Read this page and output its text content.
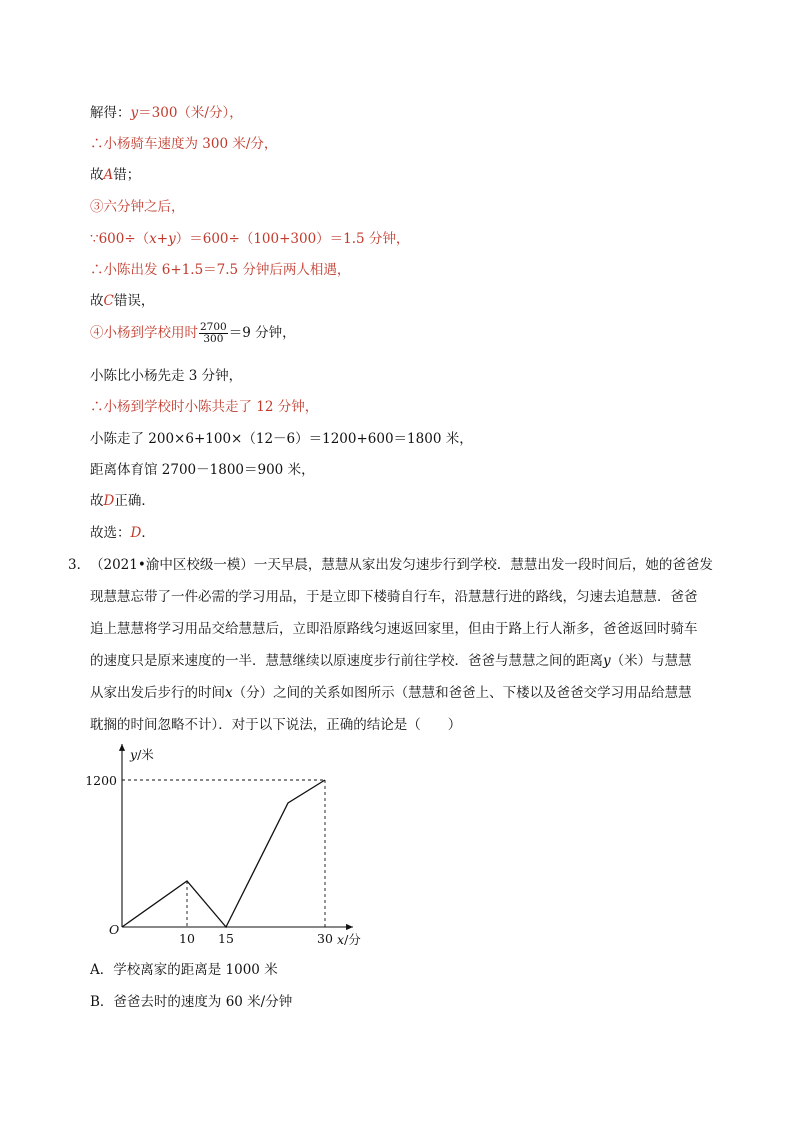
解得：y＝300（米/分），
∴小杨骑车速度为 300 米/分，
故A错；
③六分钟之后，
∵600÷（x+y）＝600÷（100+300）＝1.5 分钟，
∴小陈出发 6+1.5＝7.5 分钟后两人相遇，
故C错误，
④小杨到学校用时 $\frac{2700}{300} =9$ 分钟，
小陈比小杨先走 3 分钟，
∴小杨到学校时小陈共走了 12 分钟，
小陈走了 200×6+100×（12－6）＝1200+600＝1800 米，
距离体育馆 2700－1800＝900 米，
故D正确．
故选：D．
3． （2021•渝中区校级一模）一天早晨，慧慧从家出发匀速步行到学校．慧慧出发一段时间后，她的爸爸发
现慧慧忘带了一件必需的学习用品，于是立即下楼骑自行车，沿慧慧行进的路线，匀速去追慧慧．爸爸
追上慧慧将学习用品交给慧慧后，立即沿原路线匀速返回家里，但由于路上行人渐多，爸爸返回时骑车
的速度只是原来速度的一半．慧慧继续以原速度步行前往学校．爸爸与慧慧之间的距离y（米）与慧慧
从家出发后步行的时间x（分）之间的关系如图所示（慧慧和爸爸上、下楼以及爸爸交学习用品给慧慧
耽搁的时间忽略不计）．对于以下说法，正确的结论是（　　）
y/米
1200
O
10 15	30 x/分
A．学校离家的距离是 1000 米
B．爸爸去时的速度为 60 米/分钟
